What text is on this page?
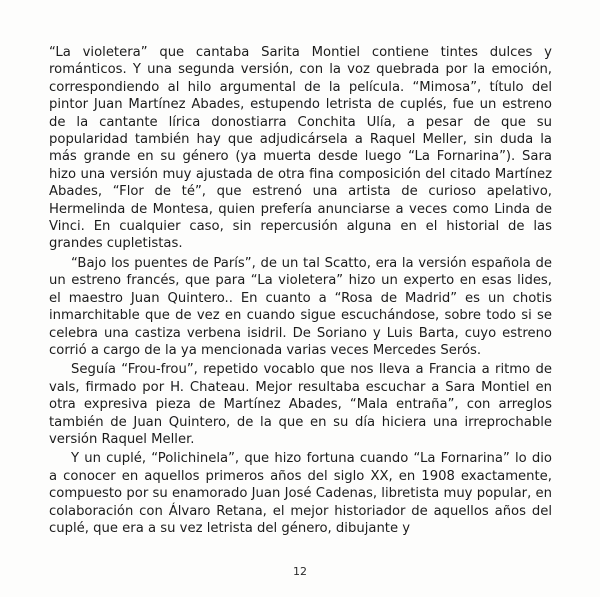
“La violetera” que cantaba Sarita Montiel contiene tintes dulces y románticos. Y una segunda versión, con la voz quebrada por la emoción, correspondiendo al hilo argumental de la película. “Mimosa”, título del pintor Juan Martínez Abades, estupendo letrista de cuplés, fue un estreno de la cantante lírica donostiarra Conchita Ulía, a pesar de que su popularidad también hay que adjudicársela a Raquel Meller, sin duda la más grande en su género (ya muerta desde luego “La Fornarina”). Sara hizo una versión muy ajustada de otra fina composición del citado Martínez Abades, “Flor de té”, que estrenó una artista de curioso apelativo, Hermelinda de Montesa, quien prefería anunciarse a veces como Linda de Vinci. En cualquier caso, sin repercusión alguna en el historial de las grandes cupletistas.

“Bajo los puentes de París”, de un tal Scatto, era la versión española de un estreno francés, que para “La violetera” hizo un experto en esas lides, el maestro Juan Quintero.. En cuanto a “Rosa de Madrid” es un chotis inmarchitable que de vez en cuando sigue escuchándose, sobre todo si se celebra una castiza verbena isidril. De Soriano y Luis Barta, cuyo estreno corrió a cargo de la ya mencionada varias veces Mercedes Serós.

Seguía “Frou-frou”, repetido vocablo que nos lleva a Francia a ritmo de vals, firmado por H. Chateau. Mejor resultaba escuchar a Sara Montiel en otra expresiva pieza de Martínez Abades, “Mala entraña”, con arreglos también de Juan Quintero, de la que en su día hiciera una irreprochable versión Raquel Meller.

Y un cuplé, “Polichinela”, que hizo fortuna cuando “La Fornarina” lo dio a conocer en aquellos primeros años del siglo XX, en 1908 exactamente, compuesto por su enamorado Juan José Cadenas, libretista muy popular, en colaboración con Álvaro Retana, el mejor historiador de aquellos años del cuplé, que era a su vez letrista del género, dibujante y

12
